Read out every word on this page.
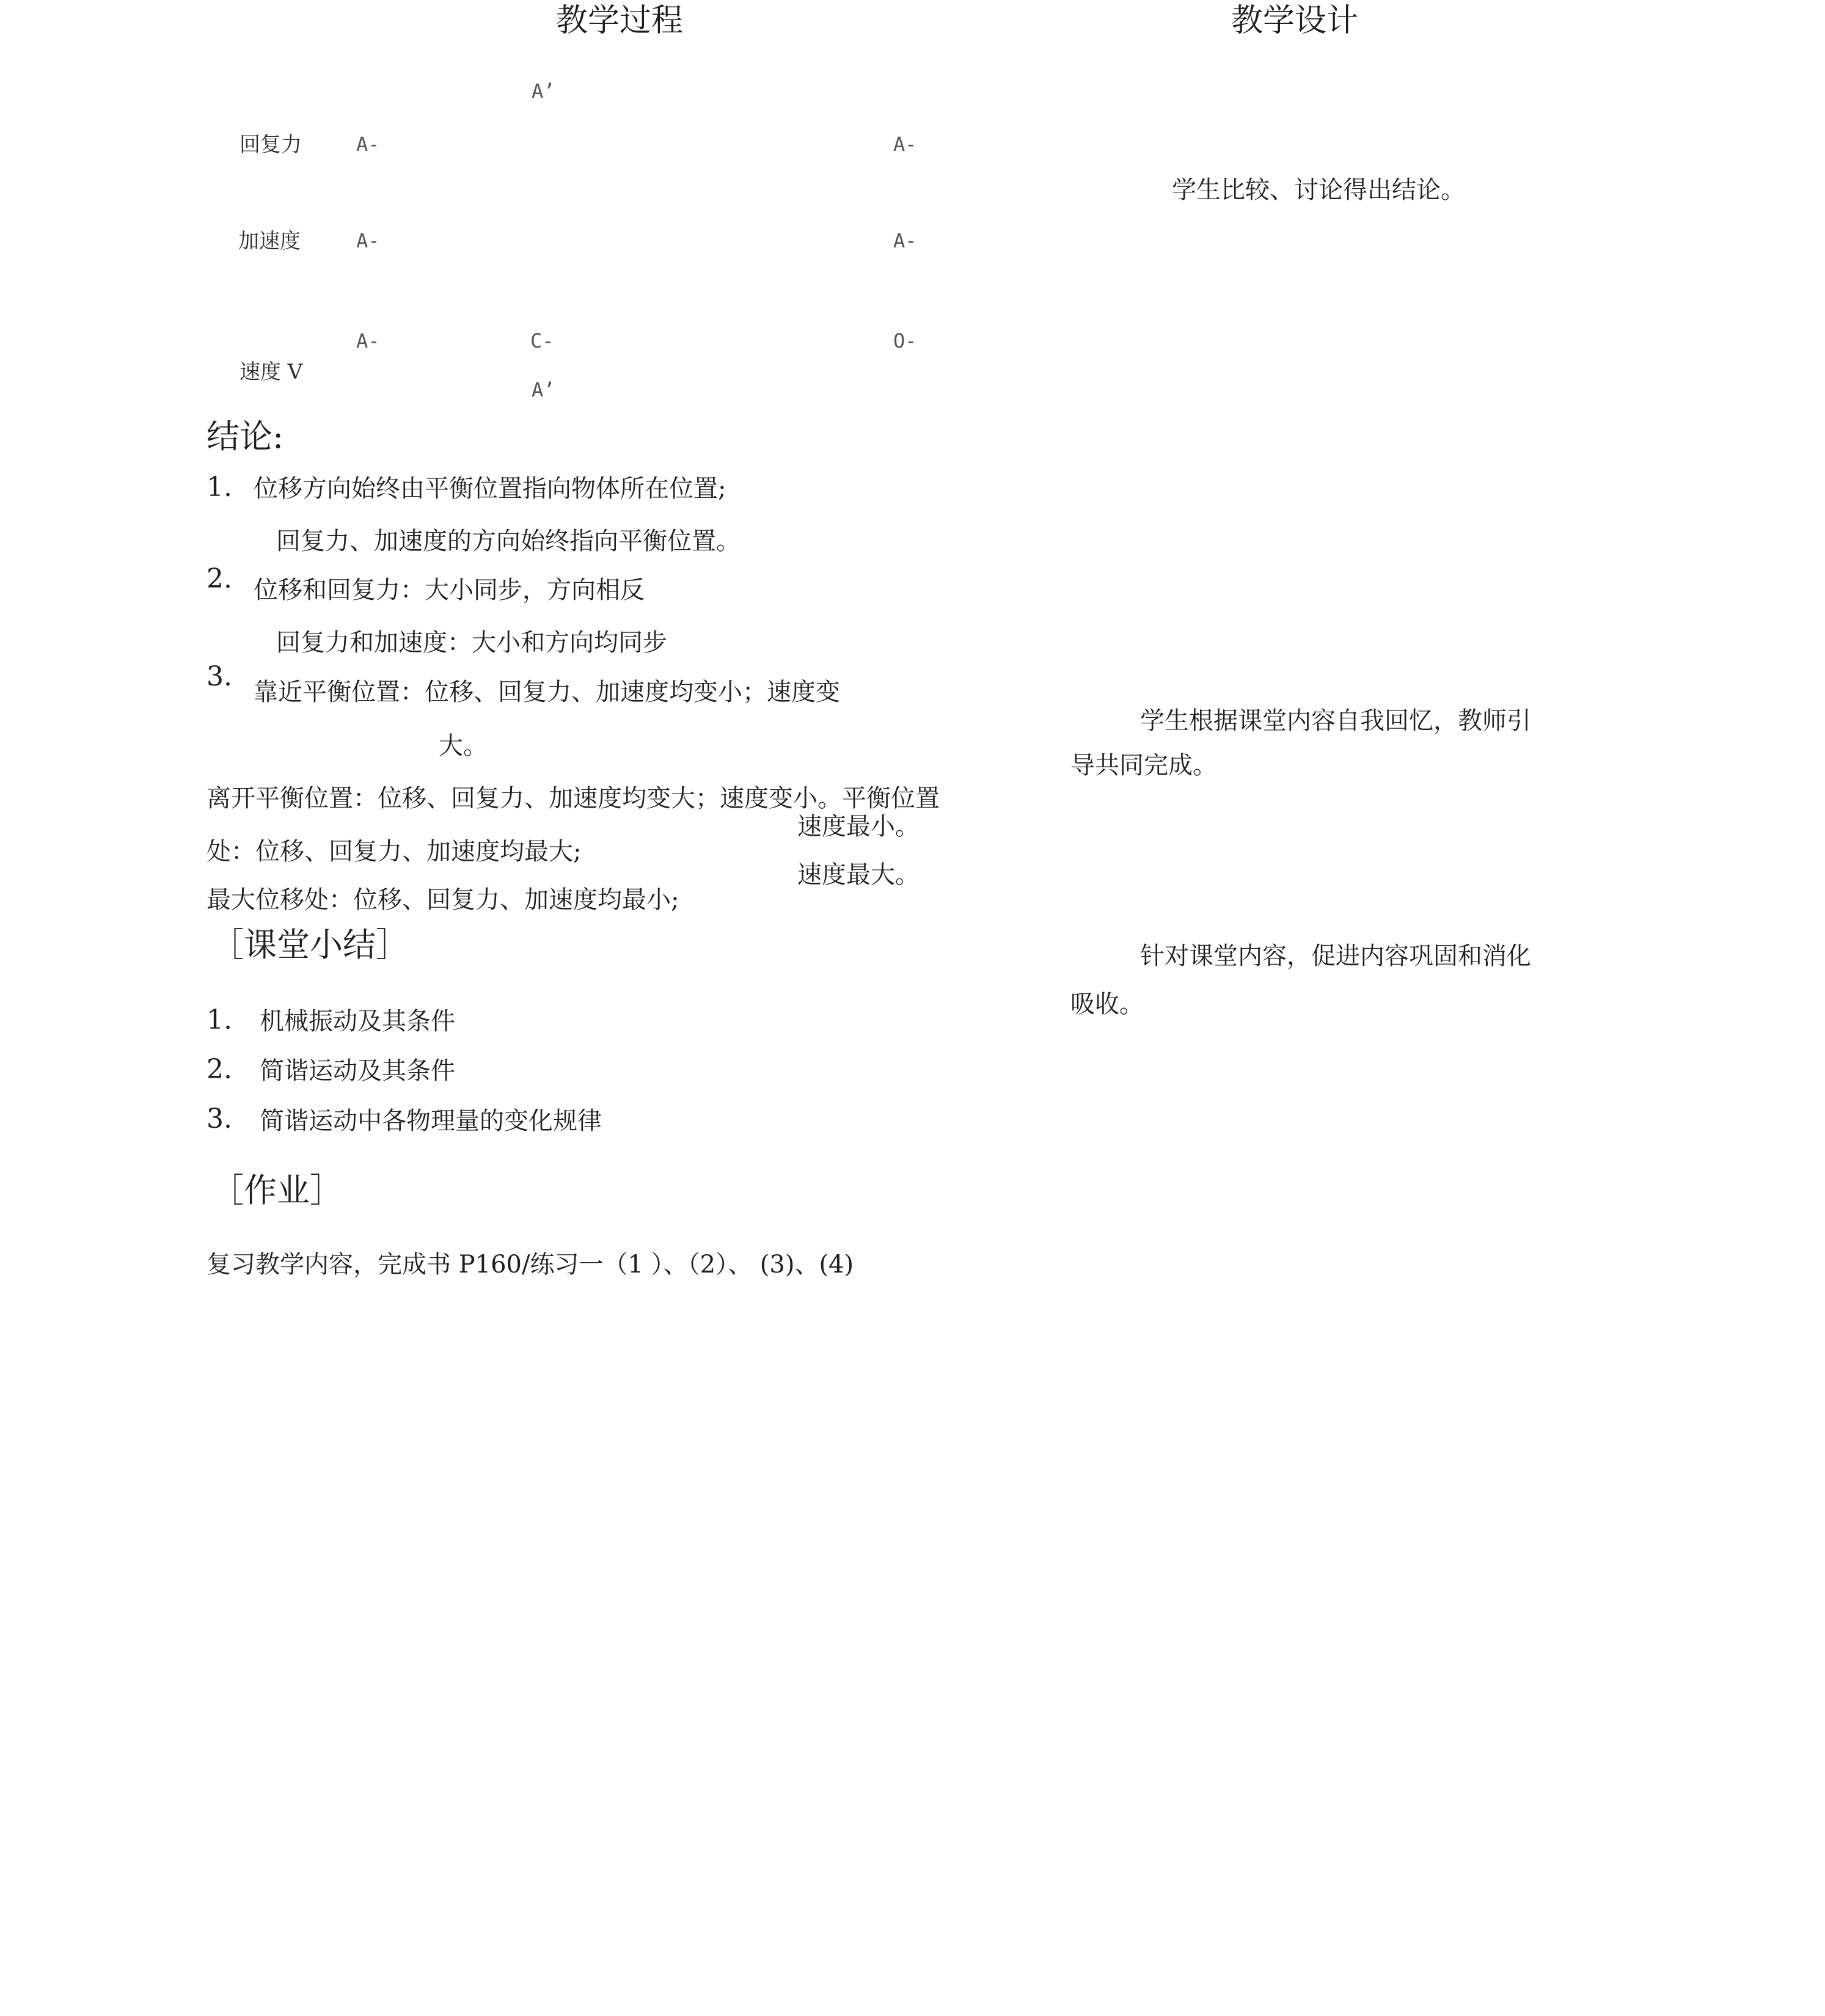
教学过程	教学设计
A’
回复力	A-	A-
加速度	A-	A-
A-	C-	O-
速度 V
A’
结论:
1. 位移方向始终由平衡位置指向物体所在位置;
回复力、加速度的方向始终指向平衡位置。
2. 位移和回复力：大小同步，方向相反
回复力和加速度：大小和方向均同步
3. 靠近平衡位置：位移、回复力、加速度均变小；速度变
大。
离开平衡位置：位移、回复力、加速度均变大；速度变小。平衡位置
速度最小。
处：位移、回复力、加速度均最大;
速度最大。
最大位移处：位移、回复力、加速度均最小;
［课堂小结］
1. 机械振动及其条件
2. 简谐运动及其条件
3. 简谐运动中各物理量的变化规律
［作业］
复习教学内容，完成书 P160/练习一（1 ）、（2）、 (3)、(4)
学生比较、讨论得出结论。
学生根据课堂内容自我回忆，教师引
导共同完成。
针对课堂内容，促进内容巩固和消化
吸收。
